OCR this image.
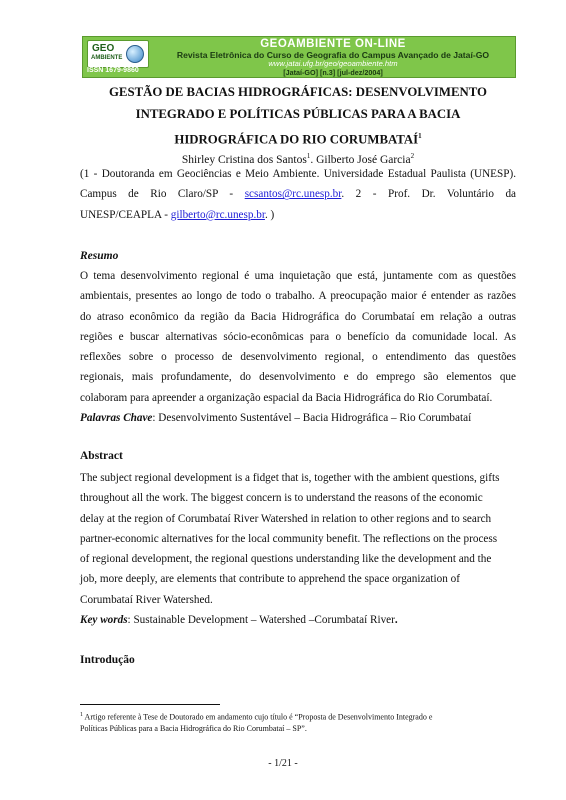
GEO
AMBIENTE
ISSN 1679-9860
GEOAMBIENTE ON-LINE
Revista Eletrônica do Curso de Geografia do Campus Avançado de Jataí-GO
www.jatai.ufg.br/geo/geoambiente.htm
[Jataí-GO] [n.3] [jul-dez/2004]
GESTÃO DE BACIAS HIDROGRÁFICAS: DESENVOLVIMENTO
INTEGRADO E POLÍTICAS PÚBLICAS PARA A BACIA
HIDROGRÁFICA DO RIO CORUMBATAÍ$^1$
Shirley Cristina dos Santos$^1$. Gilberto José Garcia$^2$
(1 - Doutoranda em Geociências e Meio Ambiente. Universidade Estadual Paulista (UNESP).
Campus de Rio Claro/SP - scsantos@rc.unesp.br. 2 - Prof. Dr. Voluntário da
UNESP/CEAPLA - gilberto@rc.unesp.br. )
Resumo
O tema desenvolvimento regional é uma inquietação que está, juntamente com as questões
ambientais, presentes ao longo de todo o trabalho. A preocupação maior é entender as razões
do atraso econômico da região da Bacia Hidrográfica do Corumbataí em relação a outras
regiões e buscar alternativas sócio-econômicas para o benefício da comunidade local. As
reflexões sobre o processo de desenvolvimento regional, o entendimento das questões
regionais, mais profundamente, do desenvolvimento e do emprego são elementos que
colaboram para apreender a organização espacial da Bacia Hidrográfica do Rio Corumbataí.
Palavras Chave: Desenvolvimento Sustentável – Bacia Hidrográfica – Rio Corumbataí
Abstract
The subject regional development is a fidget that is, together with the ambient questions, gifts
throughout all the work. The biggest concern is to understand the reasons of the economic
delay at the region of Corumbataí River Watershed in relation to other regions and to search
partner-economic alternatives for the local community benefit. The reflections on the process
of regional development, the regional questions understanding like the development and the
job, more deeply, are elements that contribute to apprehend the space organization of
Corumbataí River Watershed.
Key words: Sustainable Development – Watershed –Corumbataí River.
Introdução
$^1$ Artigo referente à Tese de Doutorado em andamento cujo título é “Proposta de Desenvolvimento Integrado e
Políticas Públicas para a Bacia Hidrográfica do Rio Corumbataí – SP”.
- 1/21 -
